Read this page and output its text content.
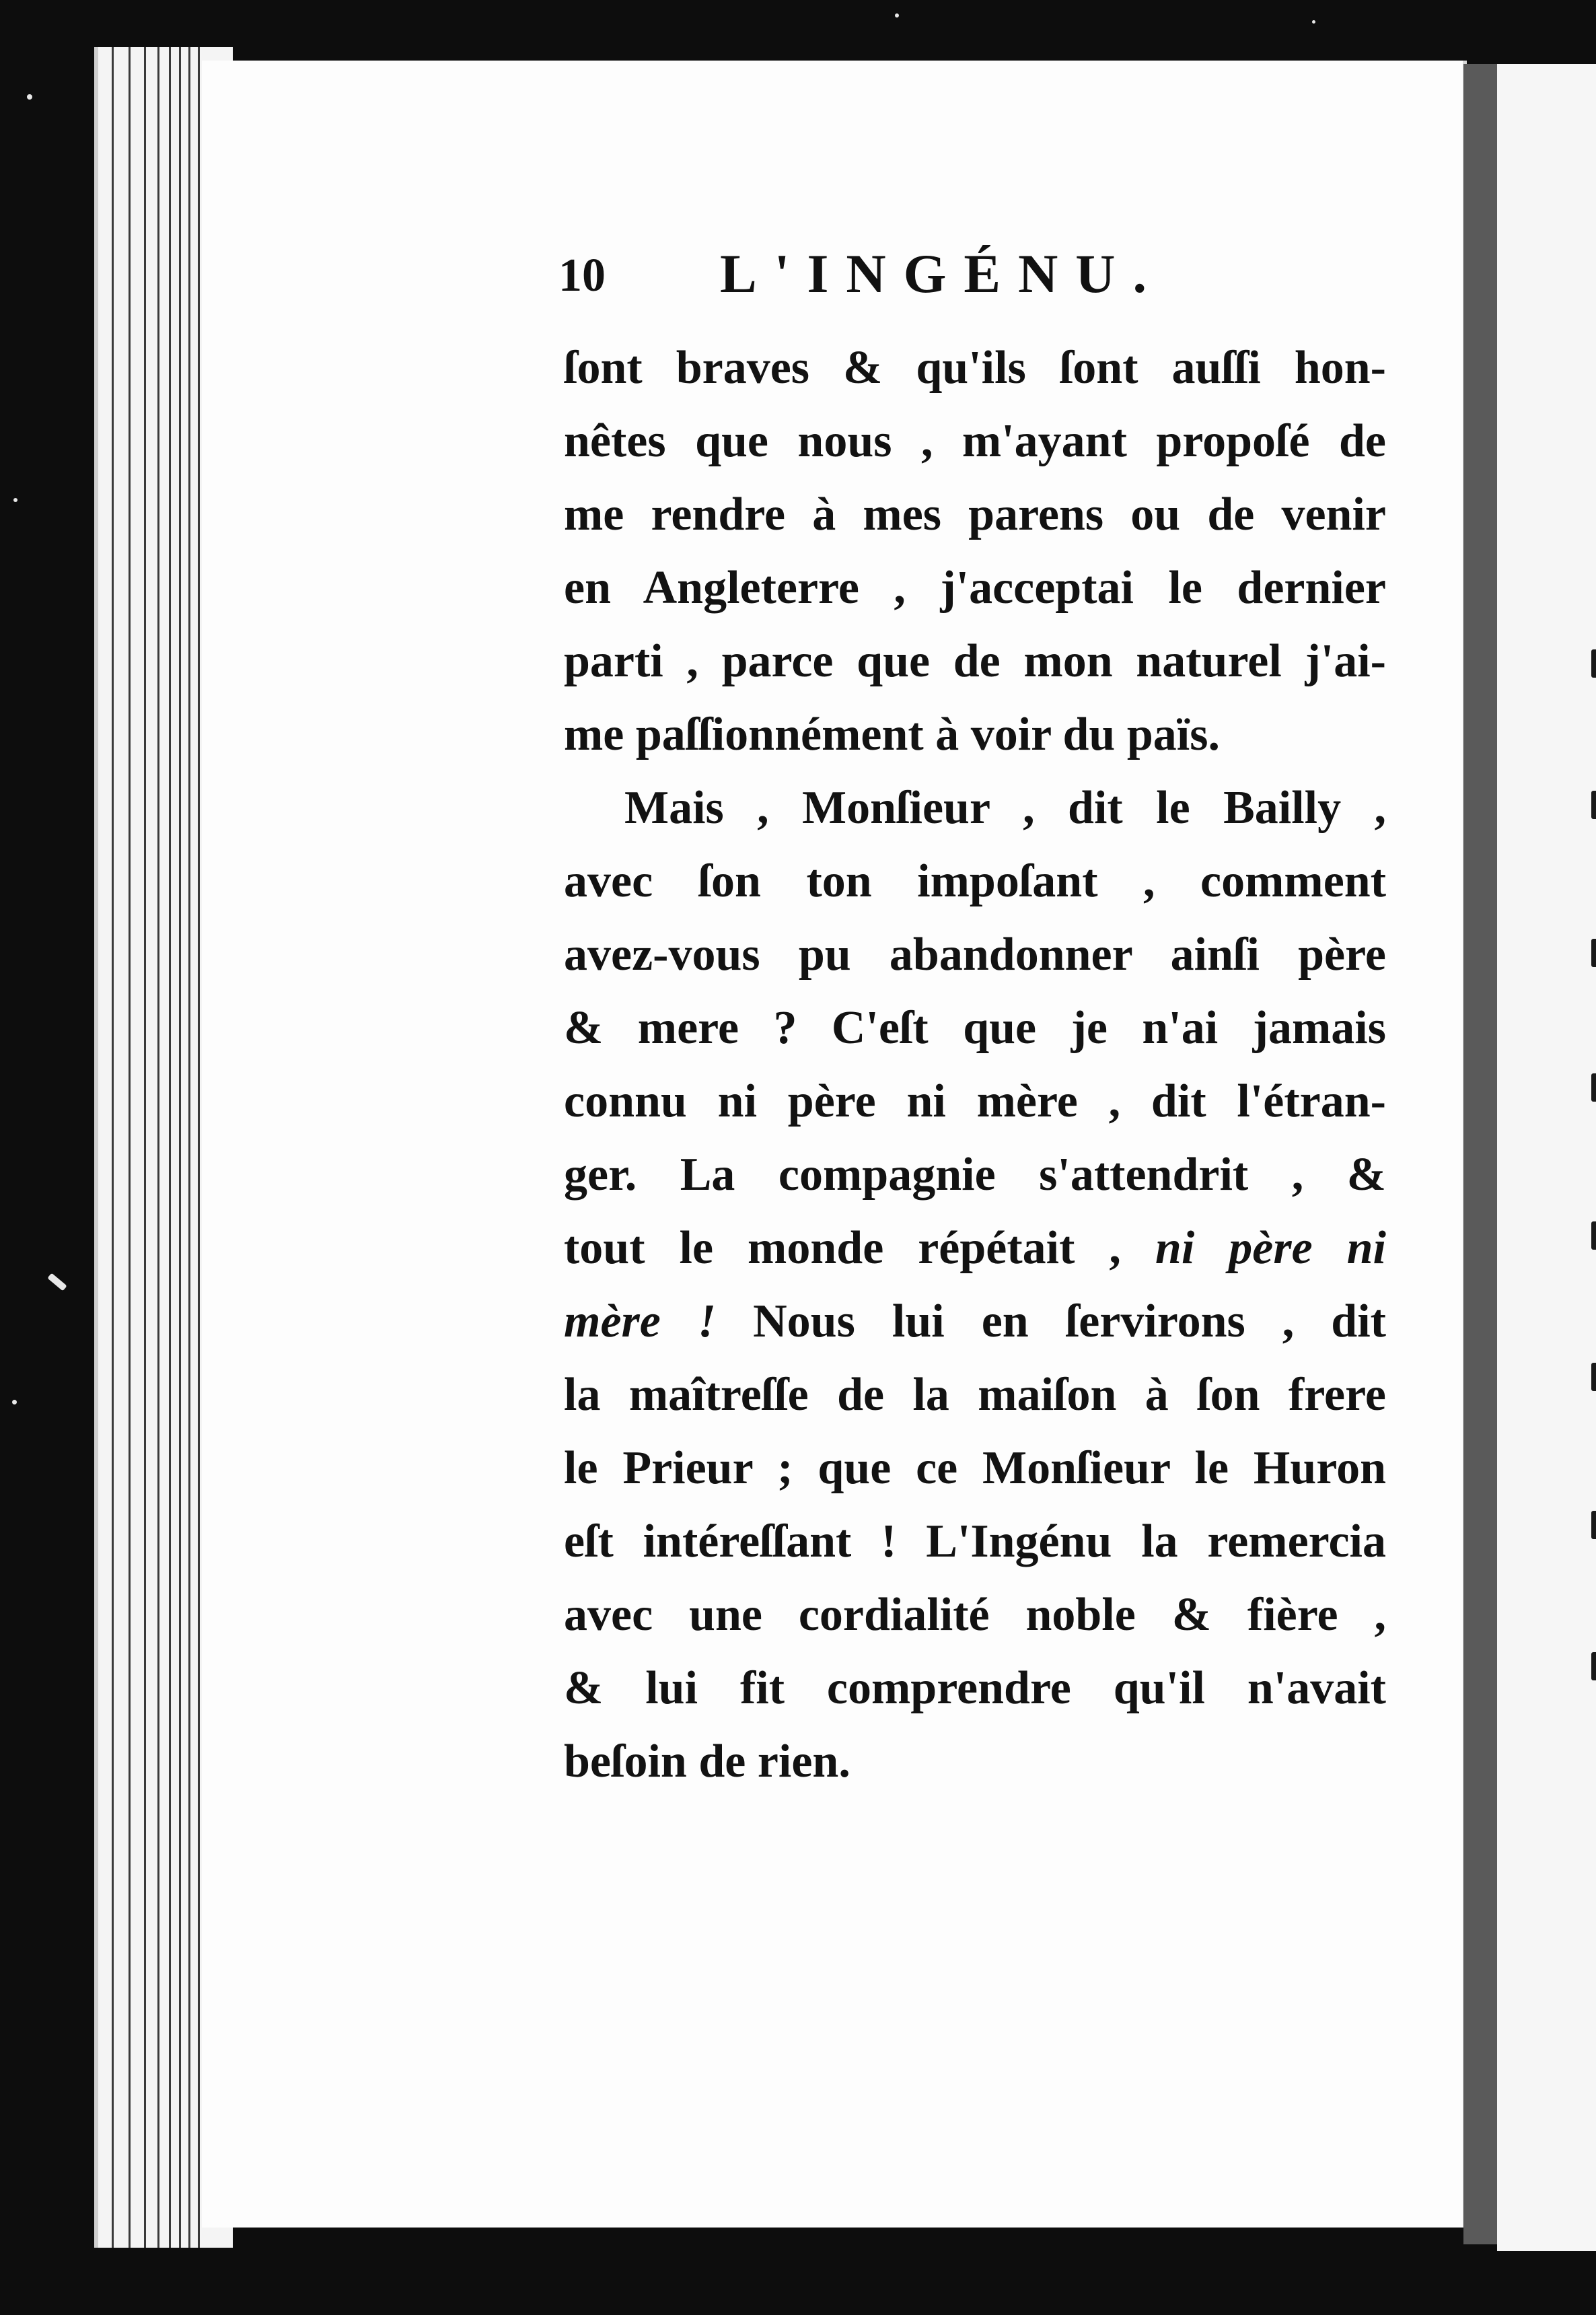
10 L'INGÉNU.
ſont braves & qu'ils ſont auſſi hon-
nêtes que nous , m'ayant propoſé de
me rendre à mes parens ou de venir
en Angleterre , j'acceptai le dernier
parti , parce que de mon naturel j'ai-
me paſſionnément à voir du païs.
Mais , Monſieur , dit le Bailly ,
avec ſon ton impoſant , comment
avez-vous pu abandonner ainſi père
& mere ? C'eſt que je n'ai jamais
connu ni père ni mère , dit l'étran-
ger. La compagnie s'attendrit , &
tout le monde répétait , ni père ni
mère ! Nous lui en ſervirons , dit
la maîtreſſe de la maiſon à ſon frere
le Prieur ; que ce Monſieur le Huron
eſt intéreſſant ! L'Ingénu la remercia
avec une cordialité noble & fière ,
& lui fit comprendre qu'il n'avait
beſoin de rien.
